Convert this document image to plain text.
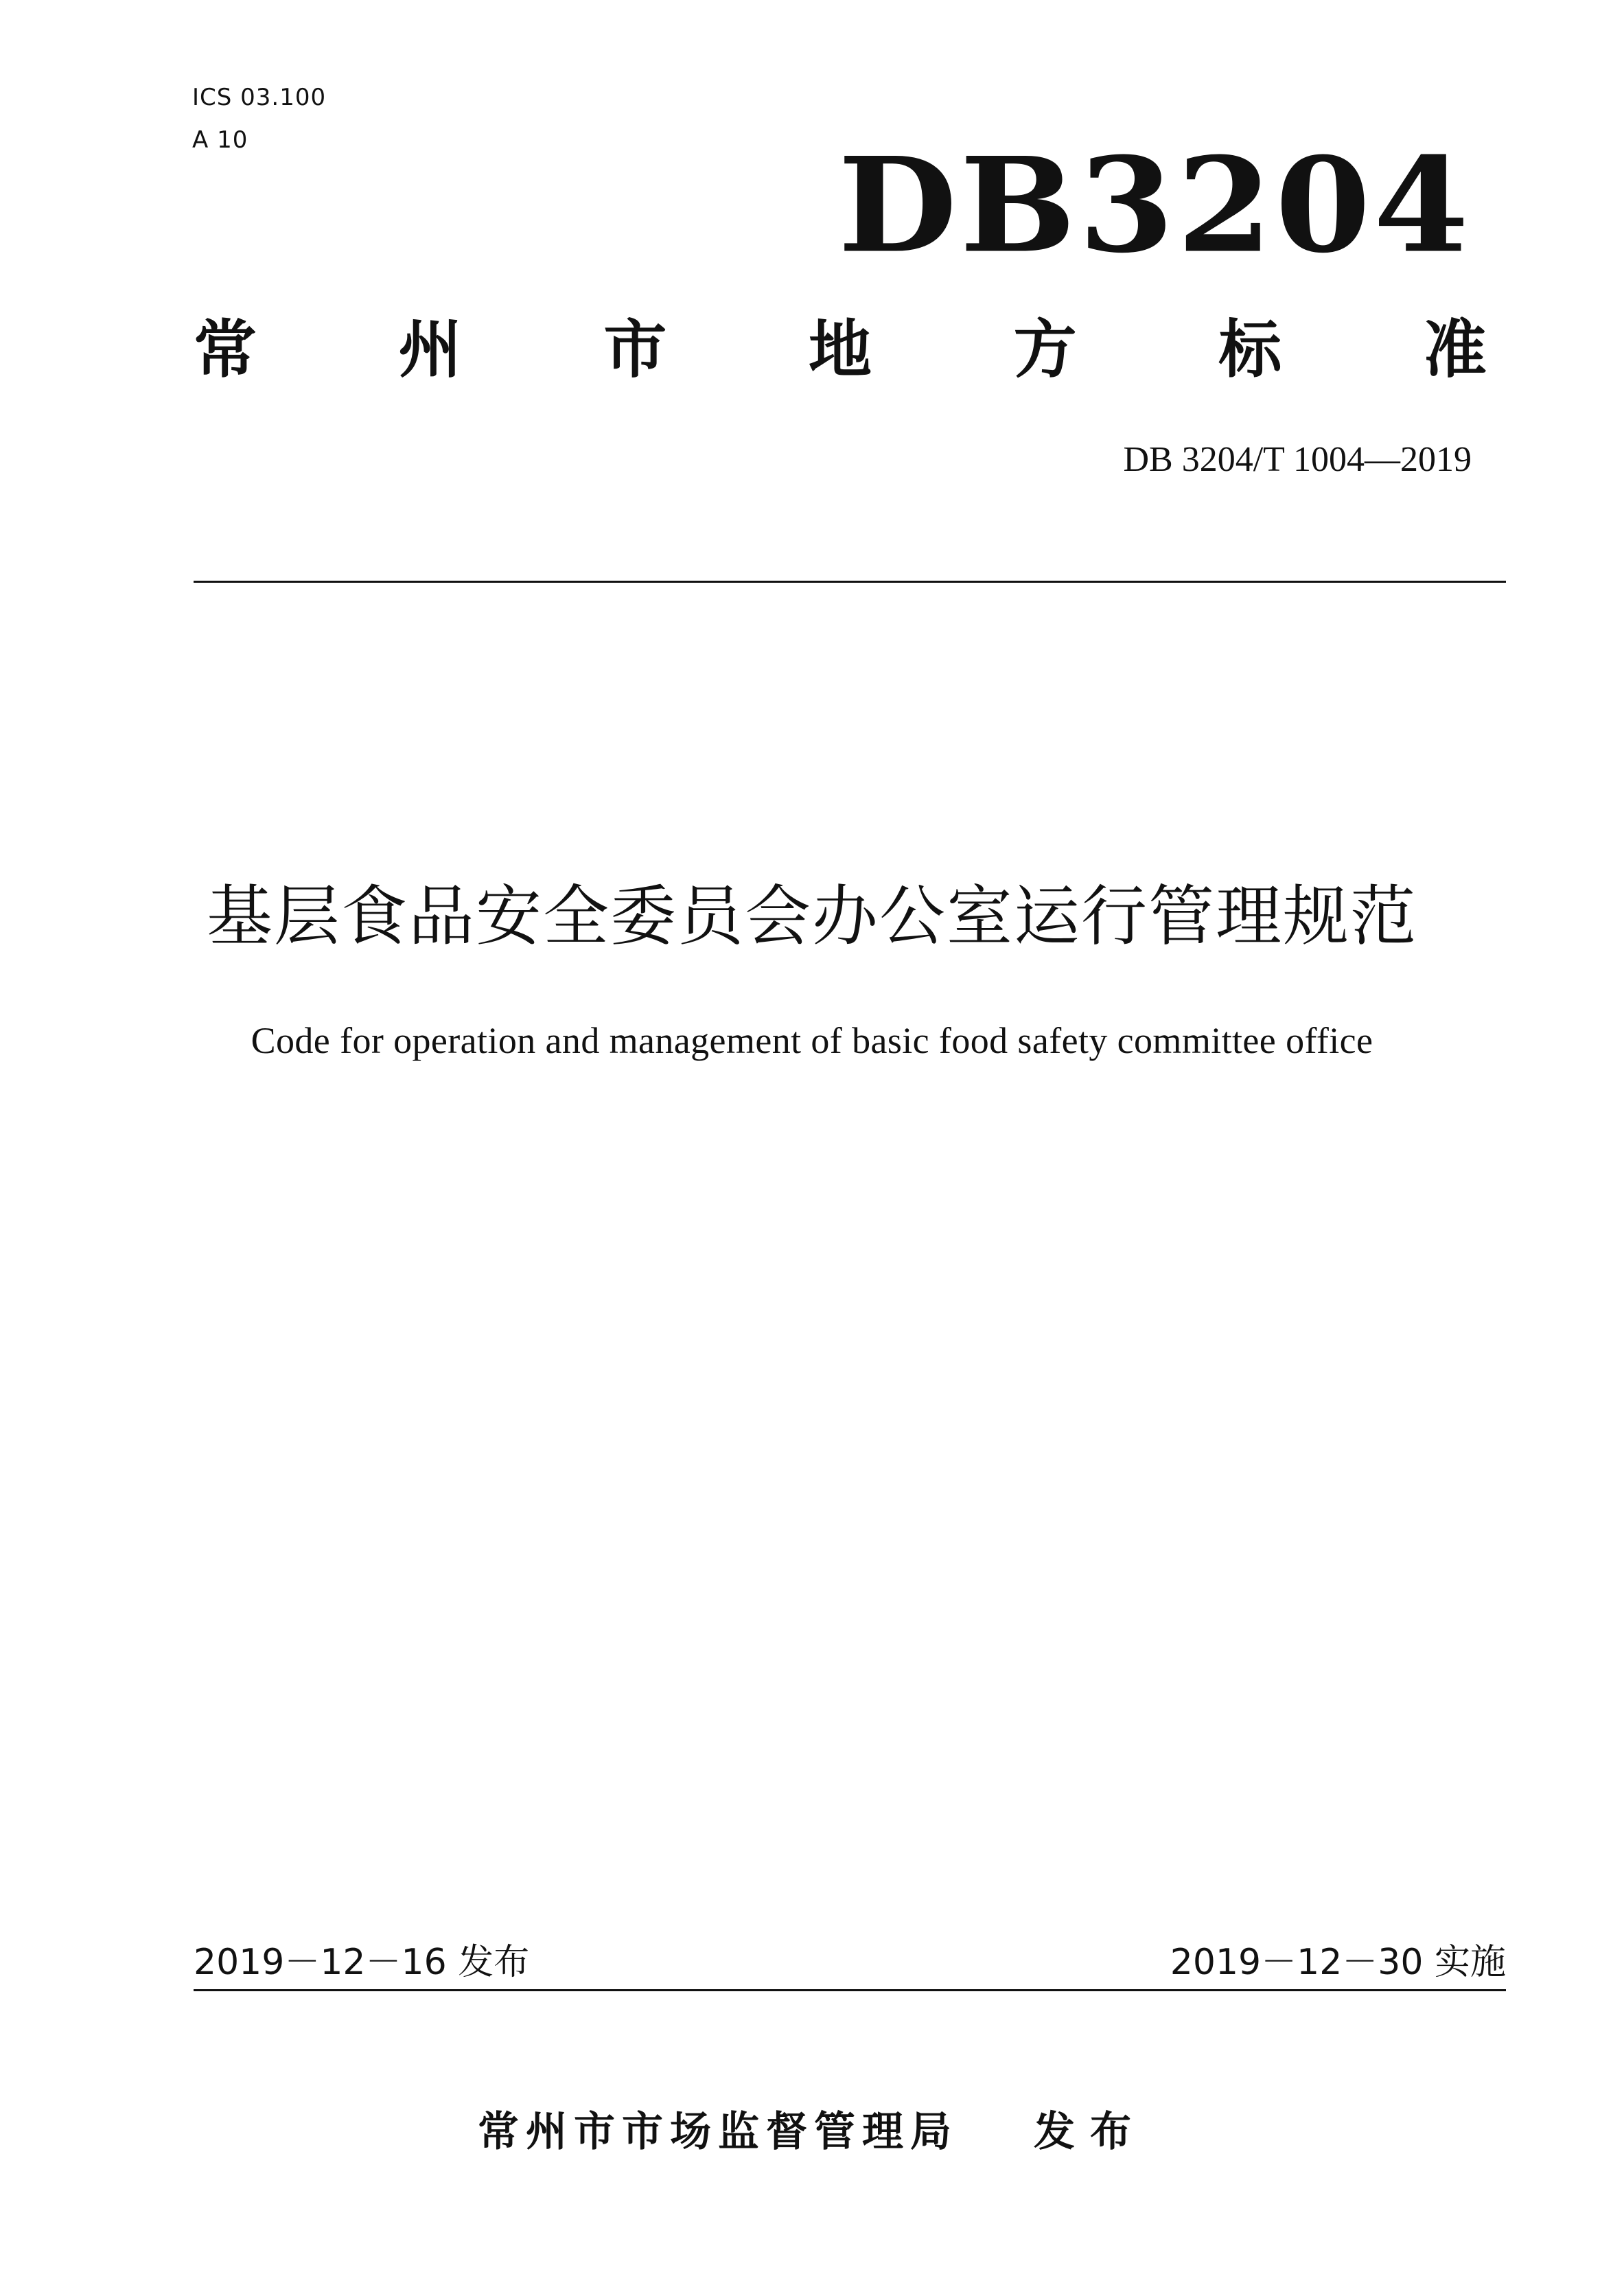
ICS 03.100
A 10	DB3204
常 州 市 地 方 标 准
DB 3204/T 1004—2019
基层食品安全委员会办公室运行管理规范
Code for operation and management of basic food safety committee office
2019－12－16 发布	2019－12－30 实施
常州市市场监督管理局 发布
